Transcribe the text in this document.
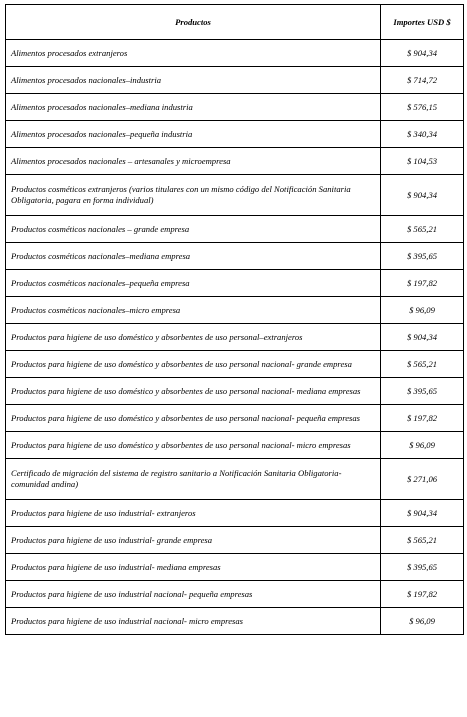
Productos	Importes USD $
Alimentos procesados extranjeros	$ 904,34
Alimentos procesados nacionales–industria	$ 714,72
Alimentos procesados nacionales–mediana industria	$ 576,15
Alimentos procesados nacionales–pequeña industria	$ 340,34
Alimentos procesados nacionales – artesanales y microempresa	$ 104,53
Productos cosméticos extranjeros (varios titulares con un mismo código del Notificación Sanitaria Obligatoria, pagara en forma individual)	$ 904,34
Productos cosméticos nacionales – grande empresa	$ 565,21
Productos cosméticos nacionales–mediana empresa	$ 395,65
Productos cosméticos nacionales–pequeña empresa	$ 197,82
Productos cosméticos nacionales–micro empresa	$ 96,09
Productos para higiene de uso doméstico y absorbentes de uso personal–extranjeros	$ 904,34
Productos para higiene de uso doméstico y absorbentes de uso personal nacional- grande empresa	$ 565,21
Productos para higiene de uso doméstico y absorbentes de uso personal nacional- mediana empresas	$ 395,65
Productos para higiene de uso doméstico y absorbentes de uso personal nacional- pequeña empresas	$ 197,82
Productos para higiene de uso doméstico y absorbentes de uso personal nacional- micro empresas	$ 96,09
Certificado de migración del sistema de registro sanitario a Notificación Sanitaria Obligatoria- comunidad andina)	$ 271,06
Productos para higiene de uso industrial- extranjeros	$ 904,34
Productos para higiene de uso industrial- grande empresa	$ 565,21
Productos para higiene de uso industrial- mediana empresas	$ 395,65
Productos para higiene de uso industrial nacional- pequeña empresas	$ 197,82
Productos para higiene de uso industrial nacional- micro empresas	$ 96,09
